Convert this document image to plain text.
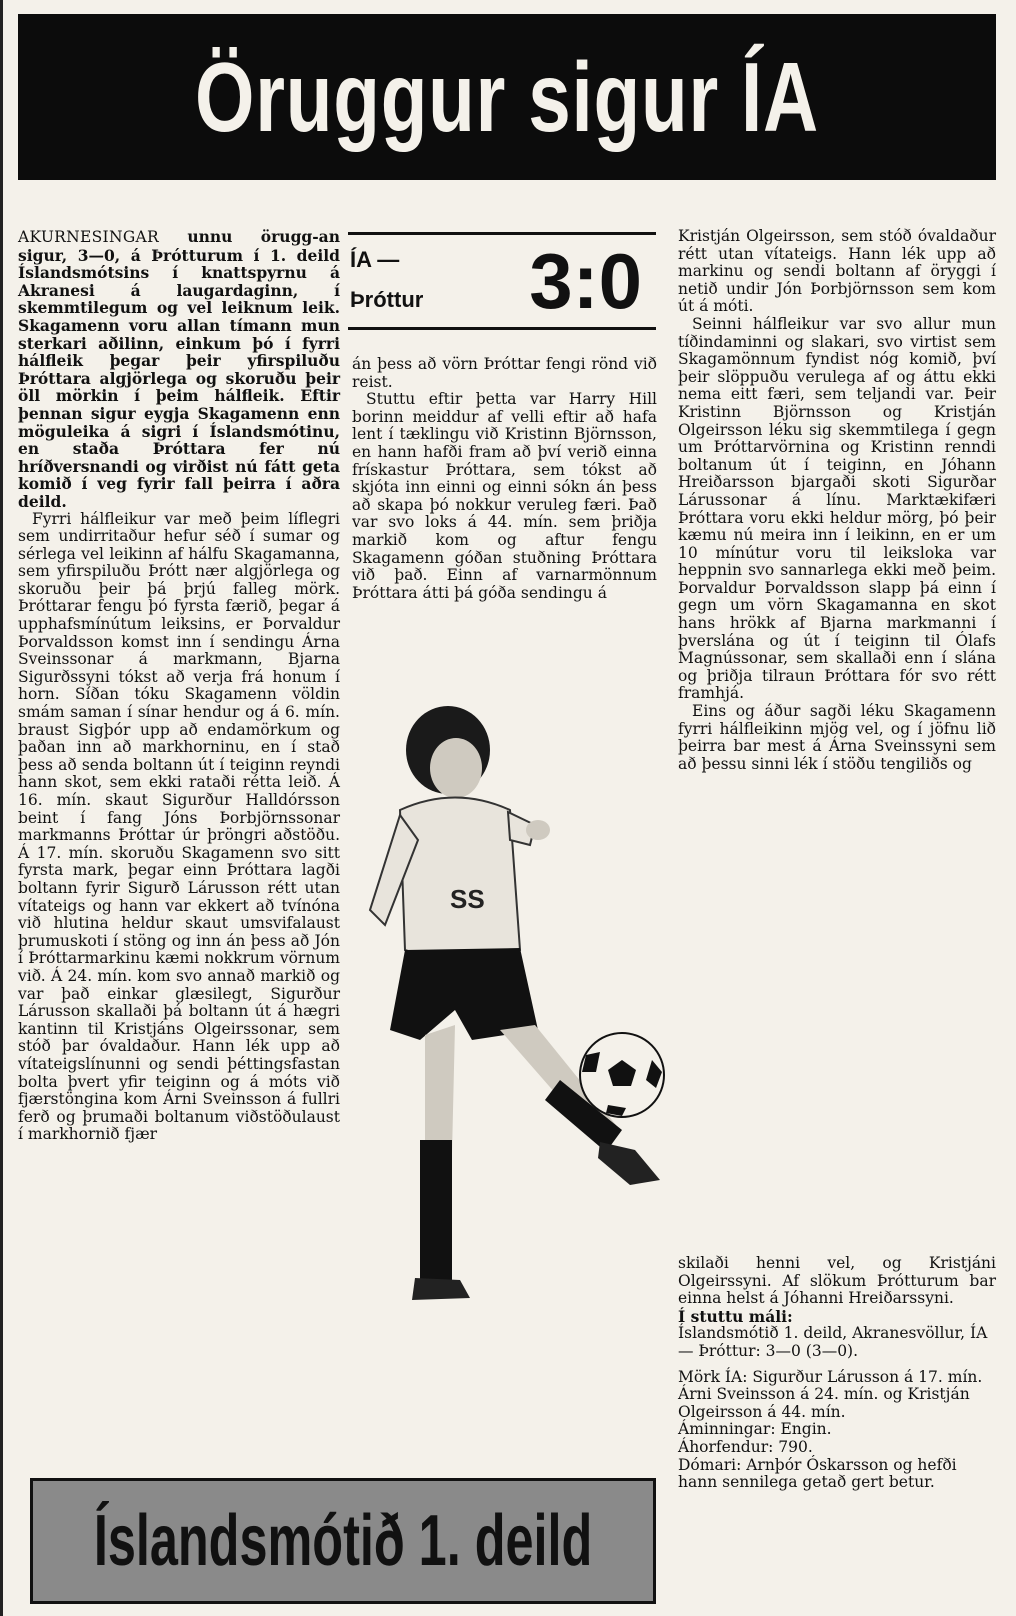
Öruggur sigur ÍA

AKURNESINGAR unnu örugg-an sigur, 3—0, á Þrótturum í 1. deild Íslandsmótsins í knattspyrnu á Akranesi á laugardaginn, í skemmtilegum og vel leiknum leik. Skagamenn voru allan tímann mun sterkari aðilinn, einkum þó í fyrri hálfleik þegar þeir yfirspiluðu Þróttara algjörlega og skoruðu þeir öll mörkin í þeim hálfleik. Eftir þennan sigur eygja Skagamenn enn möguleika á sigri í Íslandsmótinu, en staða Þróttara fer nú hríðversnandi og virðist nú fátt geta komið í veg fyrir fall þeirra í aðra deild.

Fyrri hálfleikur var með þeim líflegri sem undirritaður hefur séð í sumar og sérlega vel leikinn af hálfu Skagamanna, sem yfirspiluðu Þrótt nær algjörlega og skoruðu þeir þá þrjú falleg mörk. Þróttarar fengu þó fyrsta færið, þegar á upphafsmínútum leiksins, er Þorvaldur Þorvaldsson komst inn í sendingu Árna Sveinssonar á markmann, Bjarna Sigurðssyni tókst að verja frá honum í horn. Síðan tóku Skagamenn völdin smám saman í sínar hendur og á 6. mín. braust Sigþór upp að endamörkum og þaðan inn að markhorninu, en í stað þess að senda boltann út í teiginn reyndi hann skot, sem ekki rataði rétta leið. Á 16. mín. skaut Sigurður Halldórsson beint í fang Jóns Þorbjörnssonar markmanns Þróttar úr þröngri aðstöðu. Á 17. mín. skoruðu Skagamenn svo sitt fyrsta mark, þegar einn Þróttara lagði boltann fyrir Sigurð Lárusson rétt utan vítateigs og hann var ekkert að tvínóna við hlutina heldur skaut umsvifalaust þrumuskoti í stöng og inn án þess að Jón í Þróttarmarkinu kæmi nokkrum vörnum við. Á 24. mín. kom svo annað markið og var það einkar glæsilegt, Sigurður Lárusson skallaði þá boltann út á hægri kantinn til Kristjáns Olgeirssonar, sem stóð þar óvaldaður. Hann lék upp að vítateigslínunni og sendi þéttingsfastan bolta þvert yfir teiginn og á móts við fjærstöngina kom Árni Sveinsson á fullri ferð og þrumaði boltanum viðstöðulaust í markhornið fjær

ÍA —
Þróttur 3:0

án þess að vörn Þróttar fengi rönd við reist.

Stuttu eftir þetta var Harry Hill borinn meiddur af velli eftir að hafa lent í tæklingu við Kristinn Björnsson, en hann hafði fram að því verið einna frískastur Þróttara, sem tókst að skjóta inn einni og einni sókn án þess að skapa þó nokkur veruleg færi. Það var svo loks á 44. mín. sem þriðja markið kom og aftur fengu Skagamenn góðan stuðning Þróttara við það. Einn af varnarmönnum Þróttara átti þá góða sendingu á

SS

Kristján Olgeirsson, sem stóð óvaldaður rétt utan vítateigs. Hann lék upp að markinu og sendi boltann af öryggi í netið undir Jón Þorbjörnsson sem kom út á móti.

Seinni hálfleikur var svo allur mun tíðindaminni og slakari, svo virtist sem Skagamönnum fyndist nóg komið, því þeir slöppuðu verulega af og áttu ekki nema eitt færi, sem teljandi var. Þeir Kristinn Björnsson og Kristján Olgeirsson léku sig skemmtilega í gegn um Þróttarvörnina og Kristinn renndi boltanum út í teiginn, en Jóhann Hreiðarsson bjargaði skoti Sigurðar Lárussonar á línu. Marktækifæri Þróttara voru ekki heldur mörg, þó þeir kæmu nú meira inn í leikinn, en er um 10 mínútur voru til leiksloka var heppnin svo sannarlega ekki með þeim. Þorvaldur Þorvaldsson slapp þá einn í gegn um vörn Skagamanna en skot hans hrökk af Bjarna markmanni í þverslána og út í teiginn til Ólafs Magnússonar, sem skallaði enn í slána og þriðja tilraun Þróttara fór svo rétt framhjá.

Eins og áður sagði léku Skagamenn fyrri hálfleikinn mjög vel, og í jöfnu lið þeirra bar mest á Árna Sveinssyni sem að þessu sinni lék í stöðu tengiliðs og

skilaði henni vel, og Kristjáni Olgeirssyni. Af slökum Þrótturum bar einna helst á Jóhanni Hreiðarssyni.

Í stuttu máli:

Íslandsmótið 1. deild, Akranesvöllur, ÍA — Þróttur: 3—0 (3—0).

Mörk ÍA: Sigurður Lárusson á 17. mín. Árni Sveinsson á 24. mín. og Kristján Olgeirsson á 44. mín.

Áminningar: Engin.

Áhorfendur: 790.

Dómari: Arnþór Óskarsson og hefði hann sennilega getað gert betur.

Íslandsmótið 1. deild
